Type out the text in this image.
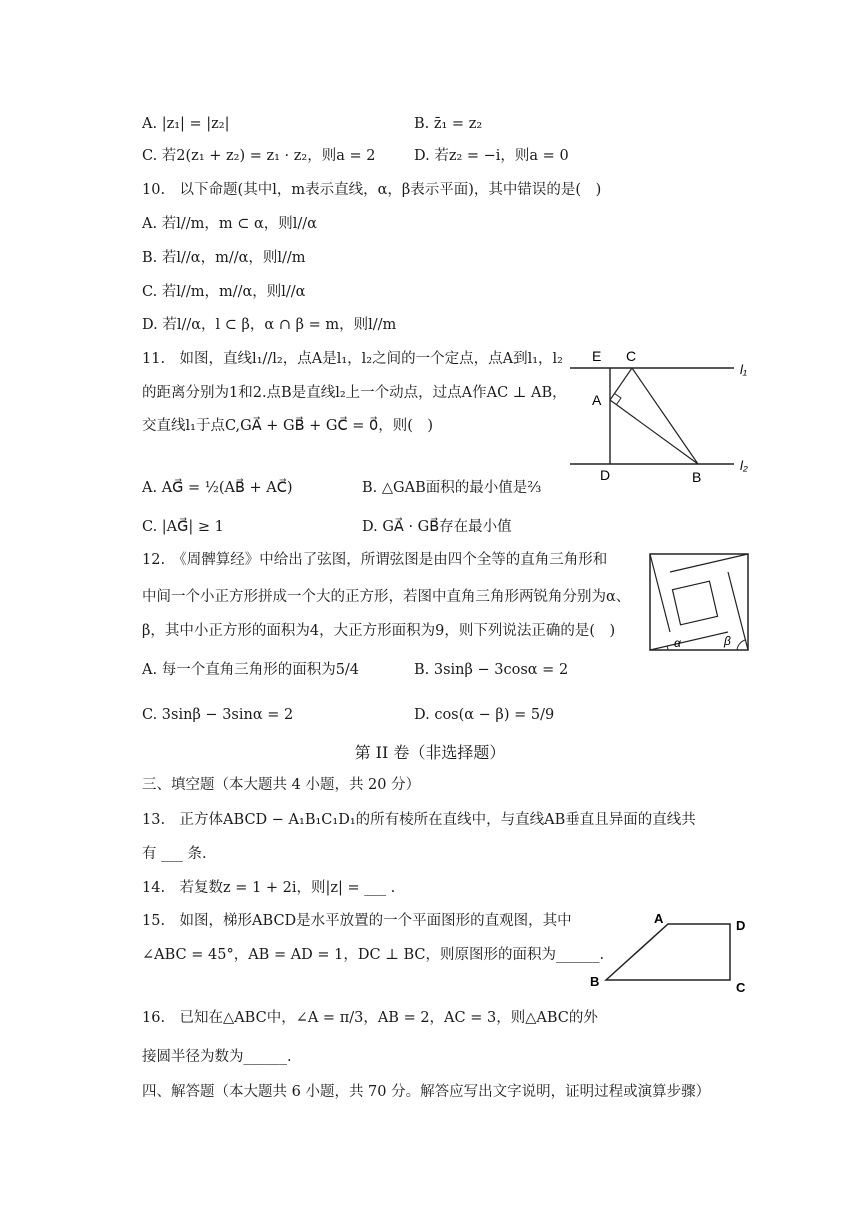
A. |z₁| = |z₂|	B. z̄₁ = z₂
C. 若2(z₁ + z₂) = z₁ · z₂，则a = 2	D. 若z₂ = −i，则a = 0
10.　以下命题(其中l，m表示直线，α，β表示平面)，其中错误的是(　)
A. 若l//m，m ⊂ α，则l//α
B. 若l//α，m//α，则l//m
C. 若l//m，m//α，则l//α
D. 若l//α，l ⊂ β，α ∩ β = m，则l//m
11.　如图，直线l₁//l₂，点A是l₁，l₂之间的一个定点，点A到l₁，l₂
的距离分别为1和2.点B是直线l₂上一个动点，过点A作AC ⊥ AB，
交直线l₁于点C,GA⃗ + GB⃗ + GC⃗ = 0⃗，则(　)
E C
A
D	B
l₁
l₂
A. AG⃗ = ½(AB⃗ + AC⃗)	B. △GAB面积的最小值是⅔
C. |AG⃗| ≥ 1	D. GA⃗ · GB⃗存在最小值
12.　《周髀算经》中给出了弦图，所谓弦图是由四个全等的直角三角形和
中间一个小正方形拼成一个大的正方形，若图中直角三角形两锐角分别为α、
β，其中小正方形的面积为4，大正方形面积为9，则下列说法正确的是(　)
α	β
A. 每一个直角三角形的面积为5/4	B. 3sinβ − 3cosα = 2
C. 3sinβ − 3sinα = 2	D. cos(α − β) = 5/9
第 II 卷（非选择题）
三、填空题（本大题共 4 小题，共 20 分）
13.　正方体ABCD − A₁B₁C₁D₁的所有棱所在直线中，与直线AB垂直且异面的直线共
有 ___ 条.
14.　若复数z = 1 + 2i，则|z| = ___ .
15.　如图，梯形ABCD是水平放置的一个平面图形的直观图，其中
∠ABC = 45°，AB = AD = 1，DC ⊥ BC，则原图形的面积为______.
A	D
B	C
16.　已知在△ABC中，∠A = π/3，AB = 2，AC = 3，则△ABC的外
接圆半径为数为______.
四、解答题（本大题共 6 小题，共 70 分。解答应写出文字说明，证明过程或演算步骤）
